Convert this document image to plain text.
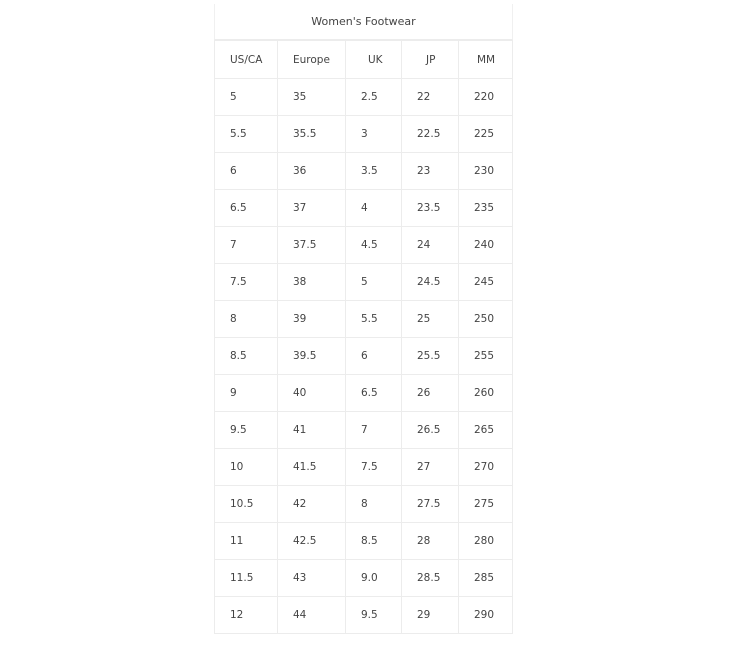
Women's Footwear
US/CA	Europe	UK	JP	MM
5	35	2.5	22	220
5.5	35.5	3	22.5	225
6	36	3.5	23	230
6.5	37	4	23.5	235
7	37.5	4.5	24	240
7.5	38	5	24.5	245
8	39	5.5	25	250
8.5	39.5	6	25.5	255
9	40	6.5	26	260
9.5	41	7	26.5	265
10	41.5	7.5	27	270
10.5	42	8	27.5	275
11	42.5	8.5	28	280
11.5	43	9.0	28.5	285
12	44	9.5	29	290
